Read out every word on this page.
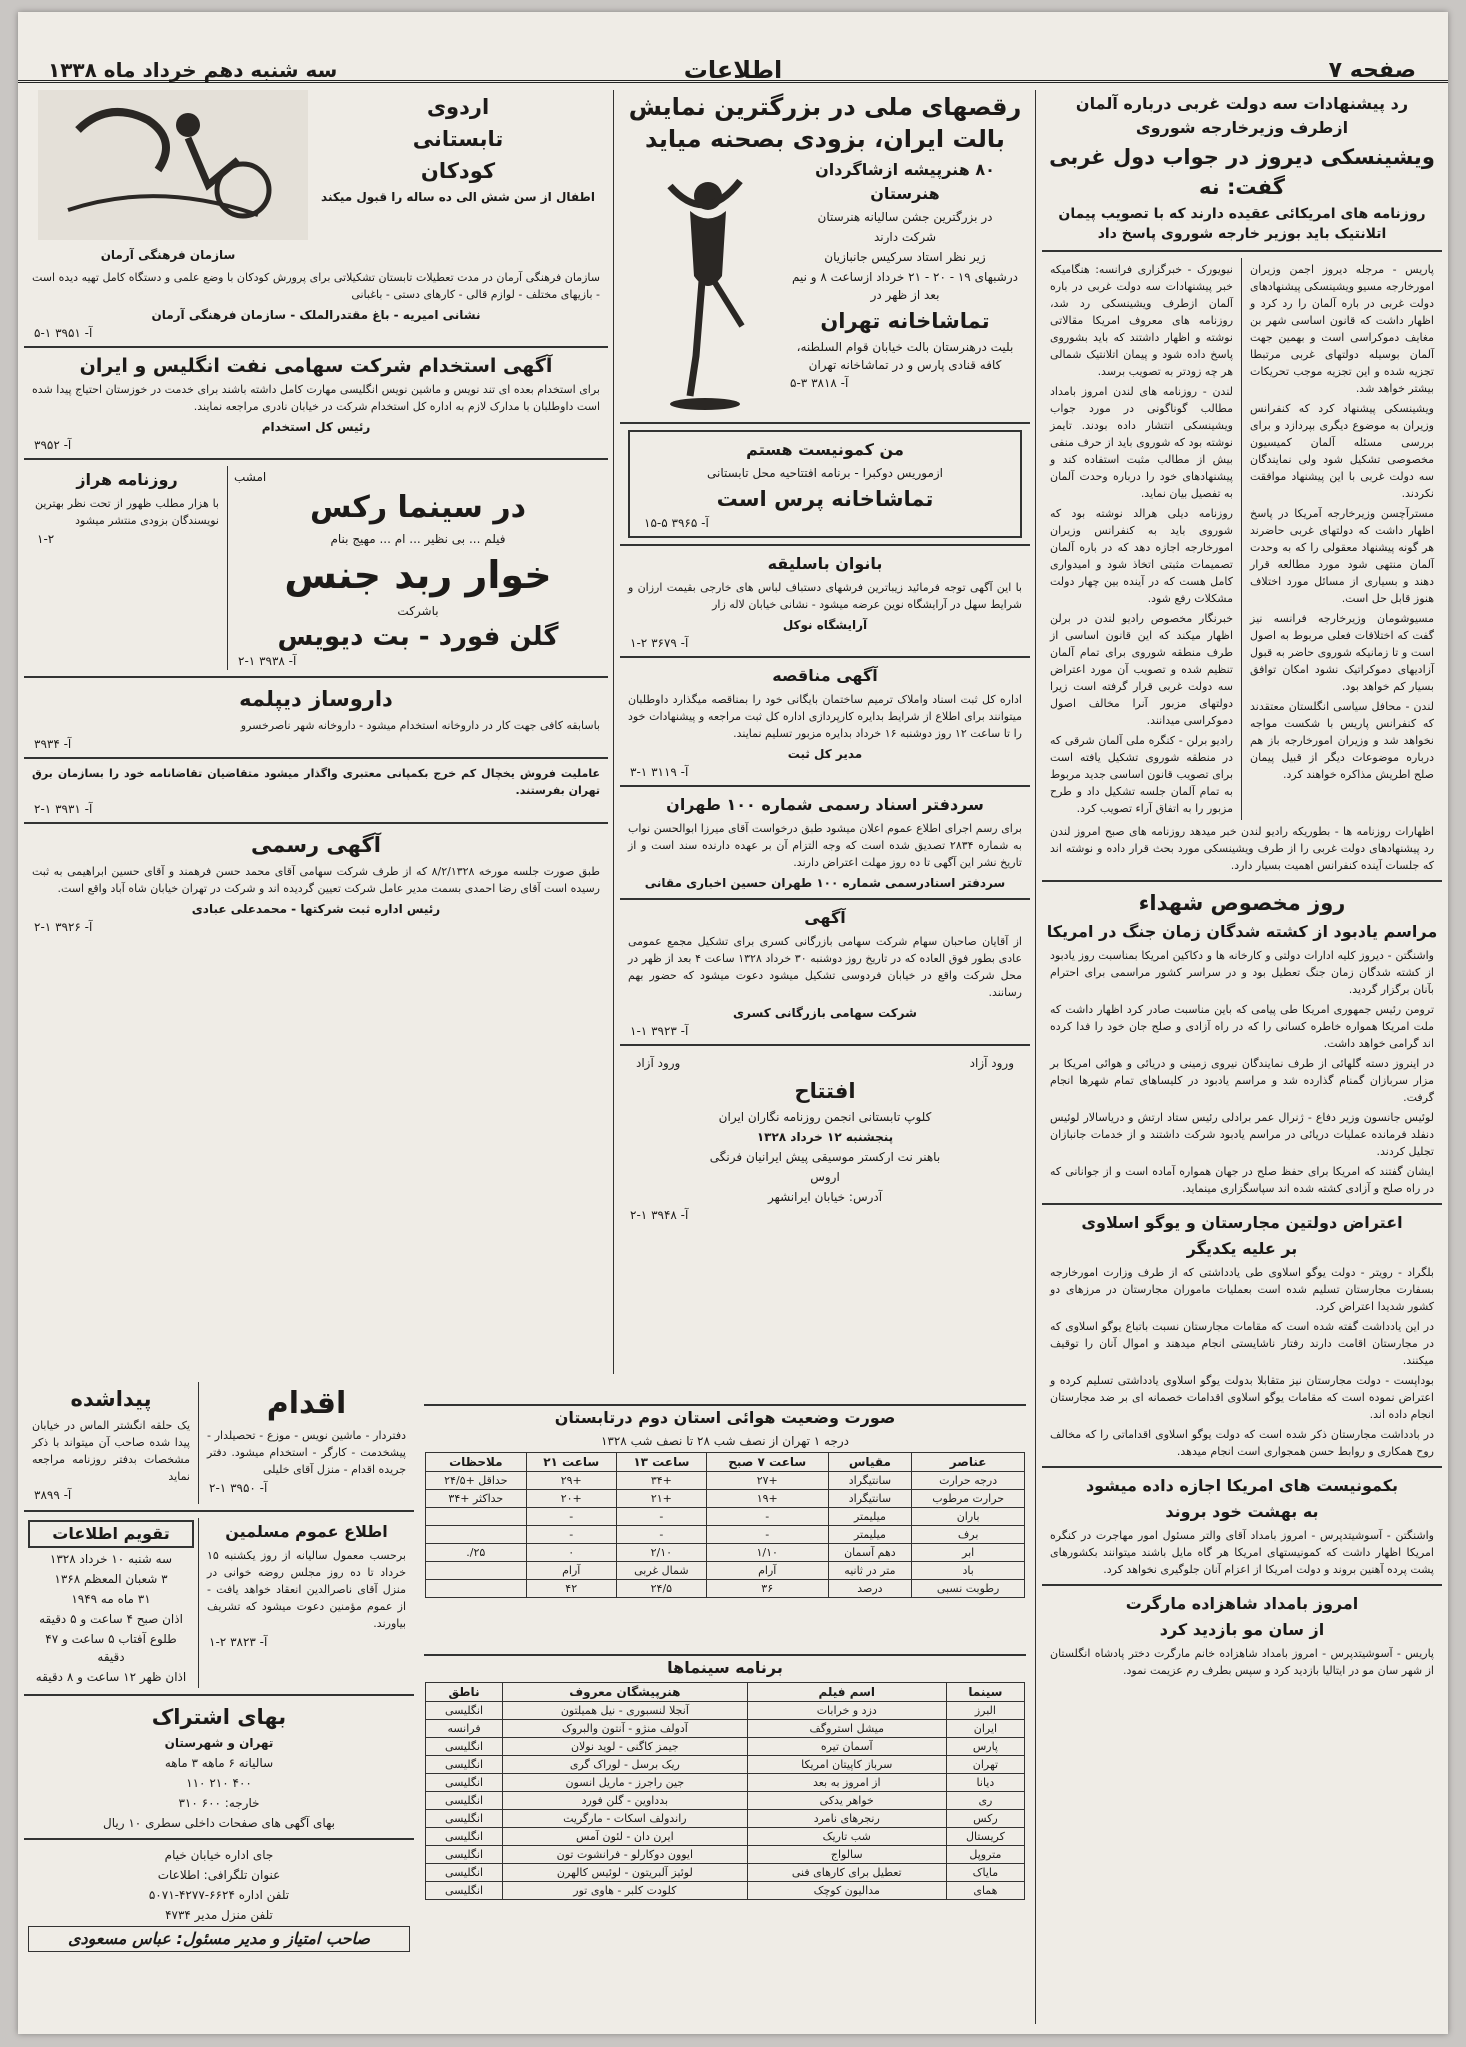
صفحه ۷
اطلاعات
سه شنبه دهم خرداد ماه ۱۳۳۸
رد پیشنهادات سه دولت غربی درباره آلمان ازطرف وزیرخارجه شوروی
ویشینسکی دیروز در جواب دول غربی گفت: نه
روزنامه های امریکائی عقیده دارند که با تصویب پیمان اتلانتیک باید بوزیر خارجه شوروی پاسخ داد

پاریس - مرجله دیروز اجمن وزیران امورخارجه مسیو ویشینسکی پیشنهادهای دولت غربی در باره آلمان را رد کرد و اظهار داشت که قانون اساسی شهر بن مغایف دموکراسی است و بهمین جهت آلمان بوسیله دولتهای غربی مرتبطا تجزیه شده و این تجزیه موجب تحریکات بیشتر خواهد شد.

ویشینسکی پیشنهاد کرد که کنفرانس وزیران به موضوع دیگری بپردازد و برای بررسی مسئله آلمان کمیسیون مخصوصی تشکیل شود ولی نمایندگان سه دولت غربی با این پیشنهاد موافقت نکردند.

مسترآچسن وزیرخارجه آمریکا در پاسخ اظهار داشت که دولتهای غربی حاضرند هر گونه پیشنهاد معقولی را که به وحدت آلمان منتهی شود مورد مطالعه قرار دهند و بسیاری از مسائل مورد اختلاف هنوز قابل حل است.

مسیوشومان وزیرخارجه فرانسه نیز گفت که اختلافات فعلی مربوط به اصول است و تا زمانیکه شوروی حاضر به قبول آزادیهای دموکراتیک نشود امکان توافق بسیار کم خواهد بود.

لندن - محافل سیاسی انگلستان معتقدند که کنفرانس پاریس با شکست مواجه نخواهد شد و وزیران امورخارجه باز هم درباره موضوعات دیگر از قبیل پیمان صلح اطریش مذاکره خواهند کرد.

نیویورک - خبرگزاری فرانسه: هنگامیکه خبر پیشنهادات سه دولت غربی در باره آلمان ازطرف ویشینسکی رد شد، روزنامه های معروف امریکا مقالاتی نوشته و اظهار داشتند که باید بشوروی پاسخ داده شود و پیمان اتلانتیک شمالی هر چه زودتر به تصویب برسد.

لندن - روزنامه های لندن امروز بامداد مطالب گوناگونی در مورد جواب ویشینسکی انتشار داده بودند. تایمز نوشته بود که شوروی باید از حرف منفی بیش از مطالب مثبت استفاده کند و پیشنهادهای خود را درباره وحدت آلمان به تفصیل بیان نماید.

روزنامه دیلی هرالد نوشته بود که شوروی باید به کنفرانس وزیران امورخارجه اجازه دهد که در باره آلمان تصمیمات مثبتی اتخاذ شود و امیدواری کامل هست که در آینده بین چهار دولت مشکلات رفع شود.

خبرنگار مخصوص رادیو لندن در برلن اظهار میکند که این قانون اساسی از طرف منطقه شوروی برای تمام آلمان تنظیم شده و تصویب آن مورد اعتراض سه دولت غربی قرار گرفته است زیرا دولتهای مزبور آنرا مخالف اصول دموکراسی میدانند.

رادیو برلن - کنگره ملی آلمان شرقی که در منطقه شوروی تشکیل یافته است برای تصویب قانون اساسی جدید مربوط به تمام آلمان جلسه تشکیل داد و طرح مزبور را به اتفاق آراء تصویب کرد.

اظهارات روزنامه ها - بطوریکه رادیو لندن خبر میدهد روزنامه های صبح امروز لندن رد پیشنهادهای دولت غربی را از طرف ویشینسکی مورد بحث قرار داده و نوشته اند که جلسات آینده کنفرانس اهمیت بسیار دارد.

روز مخصوص شهداء
مراسم یادبود از کشته شدگان زمان جنگ در امریکا

واشنگتن - دیروز کلیه ادارات دولتی و کارخانه ها و دکاکین امریکا بمناسبت روز یادبود از کشته شدگان زمان جنگ تعطیل بود و در سراسر کشور مراسمی برای احترام بآنان برگزار گردید.

ترومن رئیس جمهوری امریکا طی پیامی که باین مناسبت صادر کرد اظهار داشت که ملت امریکا همواره خاطره کسانی را که در راه آزادی و صلح جان خود را فدا کرده اند گرامی خواهد داشت.

در اینروز دسته گلهائی از طرف نمایندگان نیروی زمینی و دریائی و هوائی امریکا بر مزار سربازان گمنام گذارده شد و مراسم یادبود در کلیساهای تمام شهرها انجام گرفت.

لوئیس جانسون وزیر دفاع - ژنرال عمر برادلی رئیس ستاد ارتش و دریاسالار لوئیس دنفلد فرمانده عملیات دریائی در مراسم یادبود شرکت داشتند و از خدمات جانبازان تجلیل کردند.

ایشان گفتند که امریکا برای حفظ صلح در جهان همواره آماده است و از جوانانی که در راه صلح و آزادی کشته شده اند سپاسگزاری مینماید.

اعتراض دولتین مجارستان و یوگو اسلاوی
بر علیه یکدیگر

بلگراد - رویتر - دولت یوگو اسلاوی طی یادداشتی که از طرف وزارت امورخارجه بسفارت مجارستان تسلیم شده است بعملیات ماموران مجارستان در مرزهای دو کشور شدیدا اعتراض کرد.

در این یادداشت گفته شده است که مقامات مجارستان نسبت باتباع یوگو اسلاوی که در مجارستان اقامت دارند رفتار ناشایستی انجام میدهند و اموال آنان را توقیف میکنند.

بوداپست - دولت مجارستان نیز متقابلا بدولت یوگو اسلاوی یادداشتی تسلیم کرده و اعتراض نموده است که مقامات یوگو اسلاوی اقدامات خصمانه ای بر ضد مجارستان انجام داده اند.

در بادداشت مجارستان ذکر شده است که دولت یوگو اسلاوی اقداماتی را که مخالف روح همکاری و روابط حسن همجواری است انجام میدهد.

بکمونیست های امریکا اجازه داده میشود
به بهشت خود بروند

واشنگتن - آسوشیتدپرس - امروز بامداد آقای والتر مسئول امور مهاجرت در کنگره امریکا اظهار داشت که کمونیستهای امریکا هر گاه مایل باشند میتوانند بکشورهای پشت پرده آهنین بروند و دولت امریکا از اعزام آنان جلوگیری نخواهد کرد.

امروز بامداد شاهزاده مارگرت
از سان مو بازدید کرد

پاریس - آسوشیتدپرس - امروز بامداد شاهزاده خانم مارگرت دختر پادشاه انگلستان از شهر سان مو در ایتالیا بازدید کرد و سپس بطرف رم عزیمت نمود.

رقصهای ملی در بزرگترین نمایش
بالت ایران، بزودی بصحنه میاید
۸۰ هنرپیشه ازشاگردان هنرستان
در بزرگترین جشن سالیانه هنرستان
شرکت دارند
زیر نظر استاد سرکیس جانبازیان
درشبهای ۱۹ - ۲۰ - ۲۱ خرداد ازساعت ۸ و نیم بعد از ظهر در
تماشاخانه تهران
بلیت درهنرستان بالت خیابان قوام السلطنه، کافه قنادی پارس و در تماشاخانه تهران
آ- ۳۸۱۸ ۳-۵
من کمونیست هستم
ازموریس دوکبرا - برنامه افتتاحیه محل تابستانی
تماشاخانه پرس است
آ- ۳۹۶۵ ۵-۱۵
بانوان باسلیقه

با این آگهی توجه فرمائید زیباترین فرشهای دستباف لباس های خارجی بقیمت ارزان و شرایط سهل در آرایشگاه نوین عرضه میشود - نشانی خیابان لاله زار

آرایشگاه نوکل
آ- ۳۶۷۹ ۲-۱
آگهی مناقصه

اداره کل ثبت اسناد واملاک ترمیم ساختمان بایگانی خود را بمناقصه میگذارد داوطلبان میتوانند برای اطلاع از شرایط بدایره کارپردازی اداره کل ثبت مراجعه و پیشنهادات خود را تا ساعت ۱۲ روز دوشنبه ۱۶ خرداد بدایره مزبور تسلیم نمایند.

مدیر کل ثبت
آ- ۳۱۱۹ ۱-۳
سردفتر اسناد رسمی شماره ۱۰۰ طهران

برای رسم اجرای اطلاع عموم اعلان میشود طبق درخواست آقای میرزا ابوالحسن نواب به شماره ۲۸۳۴ تصدیق شده است که وجه التزام آن بر عهده دارنده سند است و از تاریخ نشر این آگهی تا ده روز مهلت اعتراض دارند.

سردفتر اسنادرسمی شماره ۱۰۰ طهران حسین اخباری مقانی
آگهی

از آقایان صاحبان سهام شرکت سهامی بازرگانی کسری برای تشکیل مجمع عمومی عادی بطور فوق العاده که در تاریخ روز دوشنبه ۳۰ خرداد ۱۳۲۸ ساعت ۴ بعد از ظهر در محل شرکت واقع در خیابان فردوسی تشکیل میشود دعوت میشود که حضور بهم رسانند.

شرکت سهامی بازرگانی کسری
آ- ۳۹۲۳ ۱-۱
ورود آزاد
ورود آزاد
افتتاح
کلوپ تابستانی انجمن روزنامه نگاران ایران
پنجشنبه ۱۲ خرداد ۱۳۲۸
باهنر نت ارکستر موسیقی پیش ایرانیان فرنگی
اروس
آدرس: خیابان ایرانشهر
آ- ۳۹۴۸ ۱-۲
صورت وضعیت هوائی استان دوم درتابستان
درجه ۱ تهران از نصف شب ۲۸ تا نصف شب ۱۳۲۸
عناصر	مقیاس	ساعت ۷ صبح	ساعت ۱۳	ساعت ۲۱	ملاحظات
درجه حرارت	سانتیگراد	+۲۷	+۳۴	+۲۹	حداقل +۲۴/۵
حرارت مرطوب	سانتیگراد	+۱۹	+۲۱	+۲۰	حداکثر +۳۴
باران	میلیمتر	-	-	-	
برف	میلیمتر	-	-	-	
ابر	دهم آسمان	۱/۱۰	۲/۱۰	۰	۲۵/.
باد	متر در ثانیه	آرام	شمال غربی	آرام	
رطوبت نسبی	درصد	۳۶	۲۴/۵	۴۲	
برنامه سینماها
سینما	اسم فیلم	هنرپیشگان معروف	ناطق
البرز	دزد و خرابات	آنجلا لنسبوری - نیل همیلتون	انگلیسی
ایران	میشل استروگف	آدولف منژو - آنتون والبروک	فرانسه
پارس	آسمان تیره	جیمز کاگنی - لوید نولان	انگلیسی
تهران	سرباز کاپیتان امریکا	ریک برسل - لوراک گری	انگلیسی
دیانا	از امروز به بعد	جین راجرز - ماریل انسون	انگلیسی
ری	خواهر یدکی	بدداوین - گلن فورد	انگلیسی
رکس	رنجرهای نامرد	راندولف اسکات - مارگریت	انگلیسی
کریستال	شب تاریک	ایرن دان - لئون آمس	انگلیسی
متروپل	سالواج	ایوون دوکارلو - فرانشوت تون	انگلیسی
مایاک	تعطیل برای کارهای فنی	لوئیز آلبریتون - لوئیس کالهرن	انگلیسی
همای	مدالیون کوچک	کلودت کلبر - هاوی تور	انگلیسی
اردوی
تابستانی
کودکان
اطفال از سن شش الی ده ساله را قبول میکند
سازمان فرهنگی آرمان

سازمان فرهنگی آرمان در مدت تعطیلات تابستان تشکیلاتی برای پرورش کودکان با وضع علمی و دستگاه کامل تهیه دیده است - بازیهای مختلف - لوازم قالی - کارهای دستی - باغبانی

نشانی امیریه - باغ مقتدرالملک - سازمان فرهنگی آرمان
آ- ۳۹۵۱ ۱-۵
آگهی استخدام شرکت سهامی نفت انگلیس و ایران

برای استخدام بعده ای تند نویس و ماشین نویس انگلیسی مهارت کامل داشته باشند برای خدمت در خوزستان احتیاج پیدا شده است داوطلبان با مدارک لازم به اداره کل استخدام شرکت در خیابان نادری مراجعه نمایند.

رئیس کل استخدام
آ- ۳۹۵۲
امشب
در سینما رکس
فیلم ... بی نظیر ... ام ... مهیج بنام
خوار ربد جنس
باشرکت
گلن فورد - بت دیویس
آ- ۳۹۳۸ ۱-۲
روزنامه هراز

با هزار مطلب ظهور از تحت نظر بهترین نویسندگان بزودی منتشر میشود

۱-۲
داروساز دیپلمه

باسابقه کافی جهت کار در داروخانه استخدام میشود - داروخانه شهر ناصرخسرو

آ- ۳۹۳۴

عاملیت فروش یخچال کم خرج بکمپانی معتبری واگذار میشود متقاضیان تقاضانامه خود را بسازمان برق تهران بفرستند.

آ- ۳۹۳۱ ۱-۲
آگهی رسمی

طبق صورت جلسه مورخه ۸/۲/۱۳۲۸ که از طرف شرکت سهامی آقای محمد حسن فرهمند و آقای حسین ابراهیمی به ثبت رسیده است آقای رضا احمدی بسمت مدیر عامل شرکت تعیین گردیده اند و شرکت در تهران خیابان شاه آباد واقع است.

رئیس اداره ثبت شرکتها - محمدعلی عبادی
آ- ۳۹۲۶ ۱-۲
اقدام

دفتردار - ماشین نویس - موزع - تحصیلدار - پیشخدمت - کارگر - استخدام میشود. دفتر جریده اقدام - منزل آقای خلیلی

آ- ۳۹۵۰ ۱-۲
پیداشده

یک حلقه انگشتر الماس در خیابان پیدا شده صاحب آن میتواند با ذکر مشخصات بدفتر روزنامه مراجعه نماید

آ- ۳۸۹۹
اطلاع عموم مسلمین

برحسب معمول سالیانه از روز یکشنبه ۱۵ خرداد تا ده روز مجلس روضه خوانی در منزل آقای ناصرالدین انعقاد خواهد یافت - از عموم مؤمنین دعوت میشود که تشریف بیاورند.

آ- ۳۸۲۳ ۲-۱
تقویم اطلاعات
سه شنبه ۱۰ خرداد ۱۳۲۸
۳ شعبان المعظم ۱۳۶۸
۳۱ ماه مه ۱۹۴۹
اذان صبح ۴ ساعت و ۵ دقیقه
طلوع آفتاب ۵ ساعت و ۴۷ دقیقه
اذان ظهر ۱۲ ساعت و ۸ دقیقه
بهای اشتراک
تهران و شهرستان
سالیانه ۶ ماهه ۳ ماهه
۴۰۰ ۲۱۰ ۱۱۰
خارجه: ۶۰۰ ۳۱۰
بهای آگهی های صفحات داخلی سطری ۱۰ ریال
جای اداره خیابان خیام
عنوان تلگرافی: اطلاعات
تلفن اداره ۶۶۲۴-۴۲۷۷-۵۰۷۱
تلفن منزل مدیر ۴۷۳۴
صاحب امتیاز و مدیر مسئول: عباس مسعودی
